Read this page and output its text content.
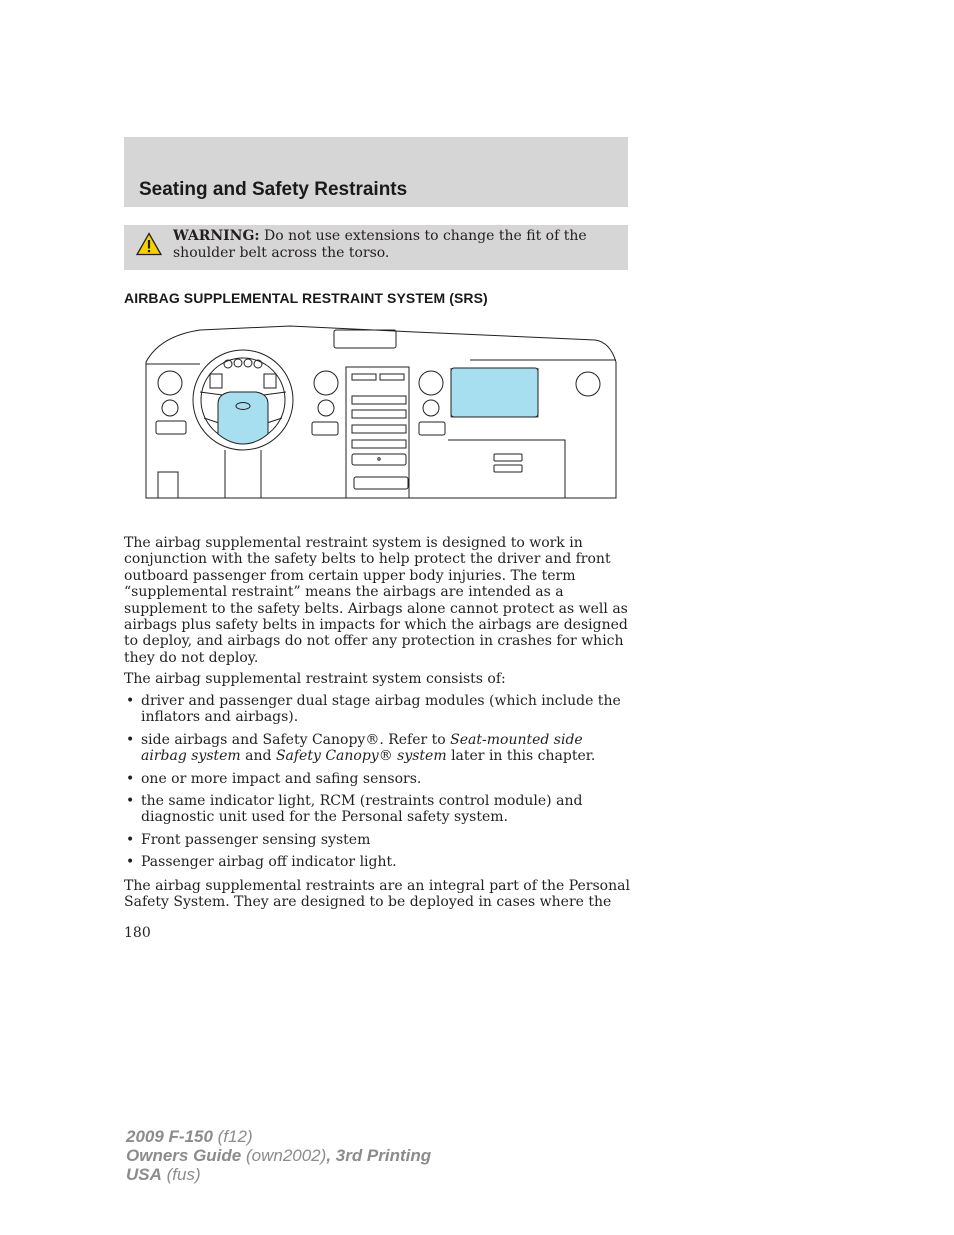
Seating and Safety Restraints

WARNING: Do not use extensions to change the fit of the shoulder belt across the torso.

AIRBAG SUPPLEMENTAL RESTRAINT SYSTEM (SRS)

The airbag supplemental restraint system is designed to work in conjunction with the safety belts to help protect the driver and front outboard passenger from certain upper body injuries. The term “supplemental restraint” means the airbags are intended as a supplement to the safety belts. Airbags alone cannot protect as well as airbags plus safety belts in impacts for which the airbags are designed to deploy, and airbags do not offer any protection in crashes for which they do not deploy.

The airbag supplemental restraint system consists of:

• driver and passenger dual stage airbag modules (which include the inflators and airbags).
• side airbags and Safety Canopy®. Refer to Seat-mounted side airbag system and Safety Canopy® system later in this chapter.
• one or more impact and safing sensors.
• the same indicator light, RCM (restraints control module) and diagnostic unit used for the Personal safety system.
• Front passenger sensing system
• Passenger airbag off indicator light.

The airbag supplemental restraints are an integral part of the Personal Safety System. They are designed to be deployed in cases where the

180

2009 F-150 (f12)
Owners Guide (own2002), 3rd Printing
USA (fus)
